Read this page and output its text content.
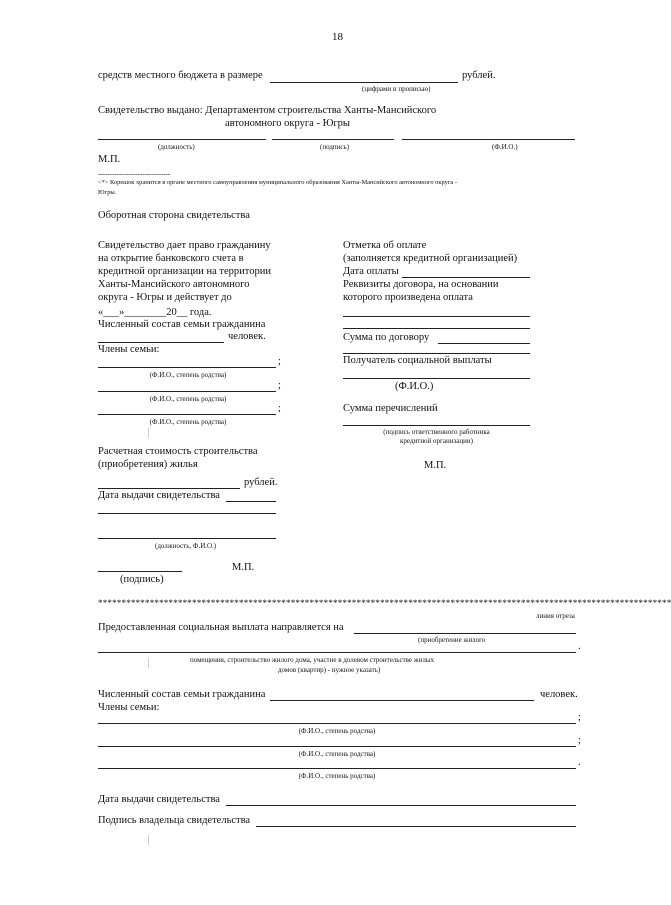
18
средств местного бюджета в размере	рублей.
(цифрами и прописью)
Свидетельство выдано: Департаментом строительства Ханты-Мансийского
автономного округа - Югры
(должность)	(подпись)	(Ф.И.О.)
М.П.
-------------------------------
<*> Корешок хранится в органе местного самоуправления муниципального образования Ханты-Мансийского автономного округа -
Югры.
Оборотная сторона свидетельства
Свидетельство дает право гражданину
на открытие банковского счета в
кредитной организации на территории
Ханты-Мансийского автономного
округа - Югры и действует до
«___»________20__ года.
Численный состав семьи гражданина
человек.
Члены семьи:
;
(Ф.И.О., степень родства)
;
(Ф.И.О., степень родства)
;
(Ф.И.О., степень родства)
Расчетная стоимость строительства
(приобретения) жилья
рублей.
Дата выдачи свидетельства
(должность, Ф.И.О.)
М.П.
(подпись)
Отметка об оплате
(заполняется кредитной организацией)
Дата оплаты
Реквизиты договора, на основании
которого произведена оплата
Сумма по договору
Получатель социальной выплаты
(Ф.И.О.)
Сумма перечислений
(подпись ответственного работника
кредитной организации)
М.П.
**************************************************************************************************************************
линия отреза
Предоставленная социальная выплата направляется на
(приобретение жилого
.
помещения, строительство жилого дома, участие в долевом строительстве жилых
домов (квартир) - нужное указать)
Численный состав семьи гражданина	человек.
Члены семьи:
;
(Ф.И.О., степень родства)
;
(Ф.И.О., степень родства)
.
(Ф.И.О., степень родства)
Дата выдачи свидетельства
Подпись владельца свидетельства
